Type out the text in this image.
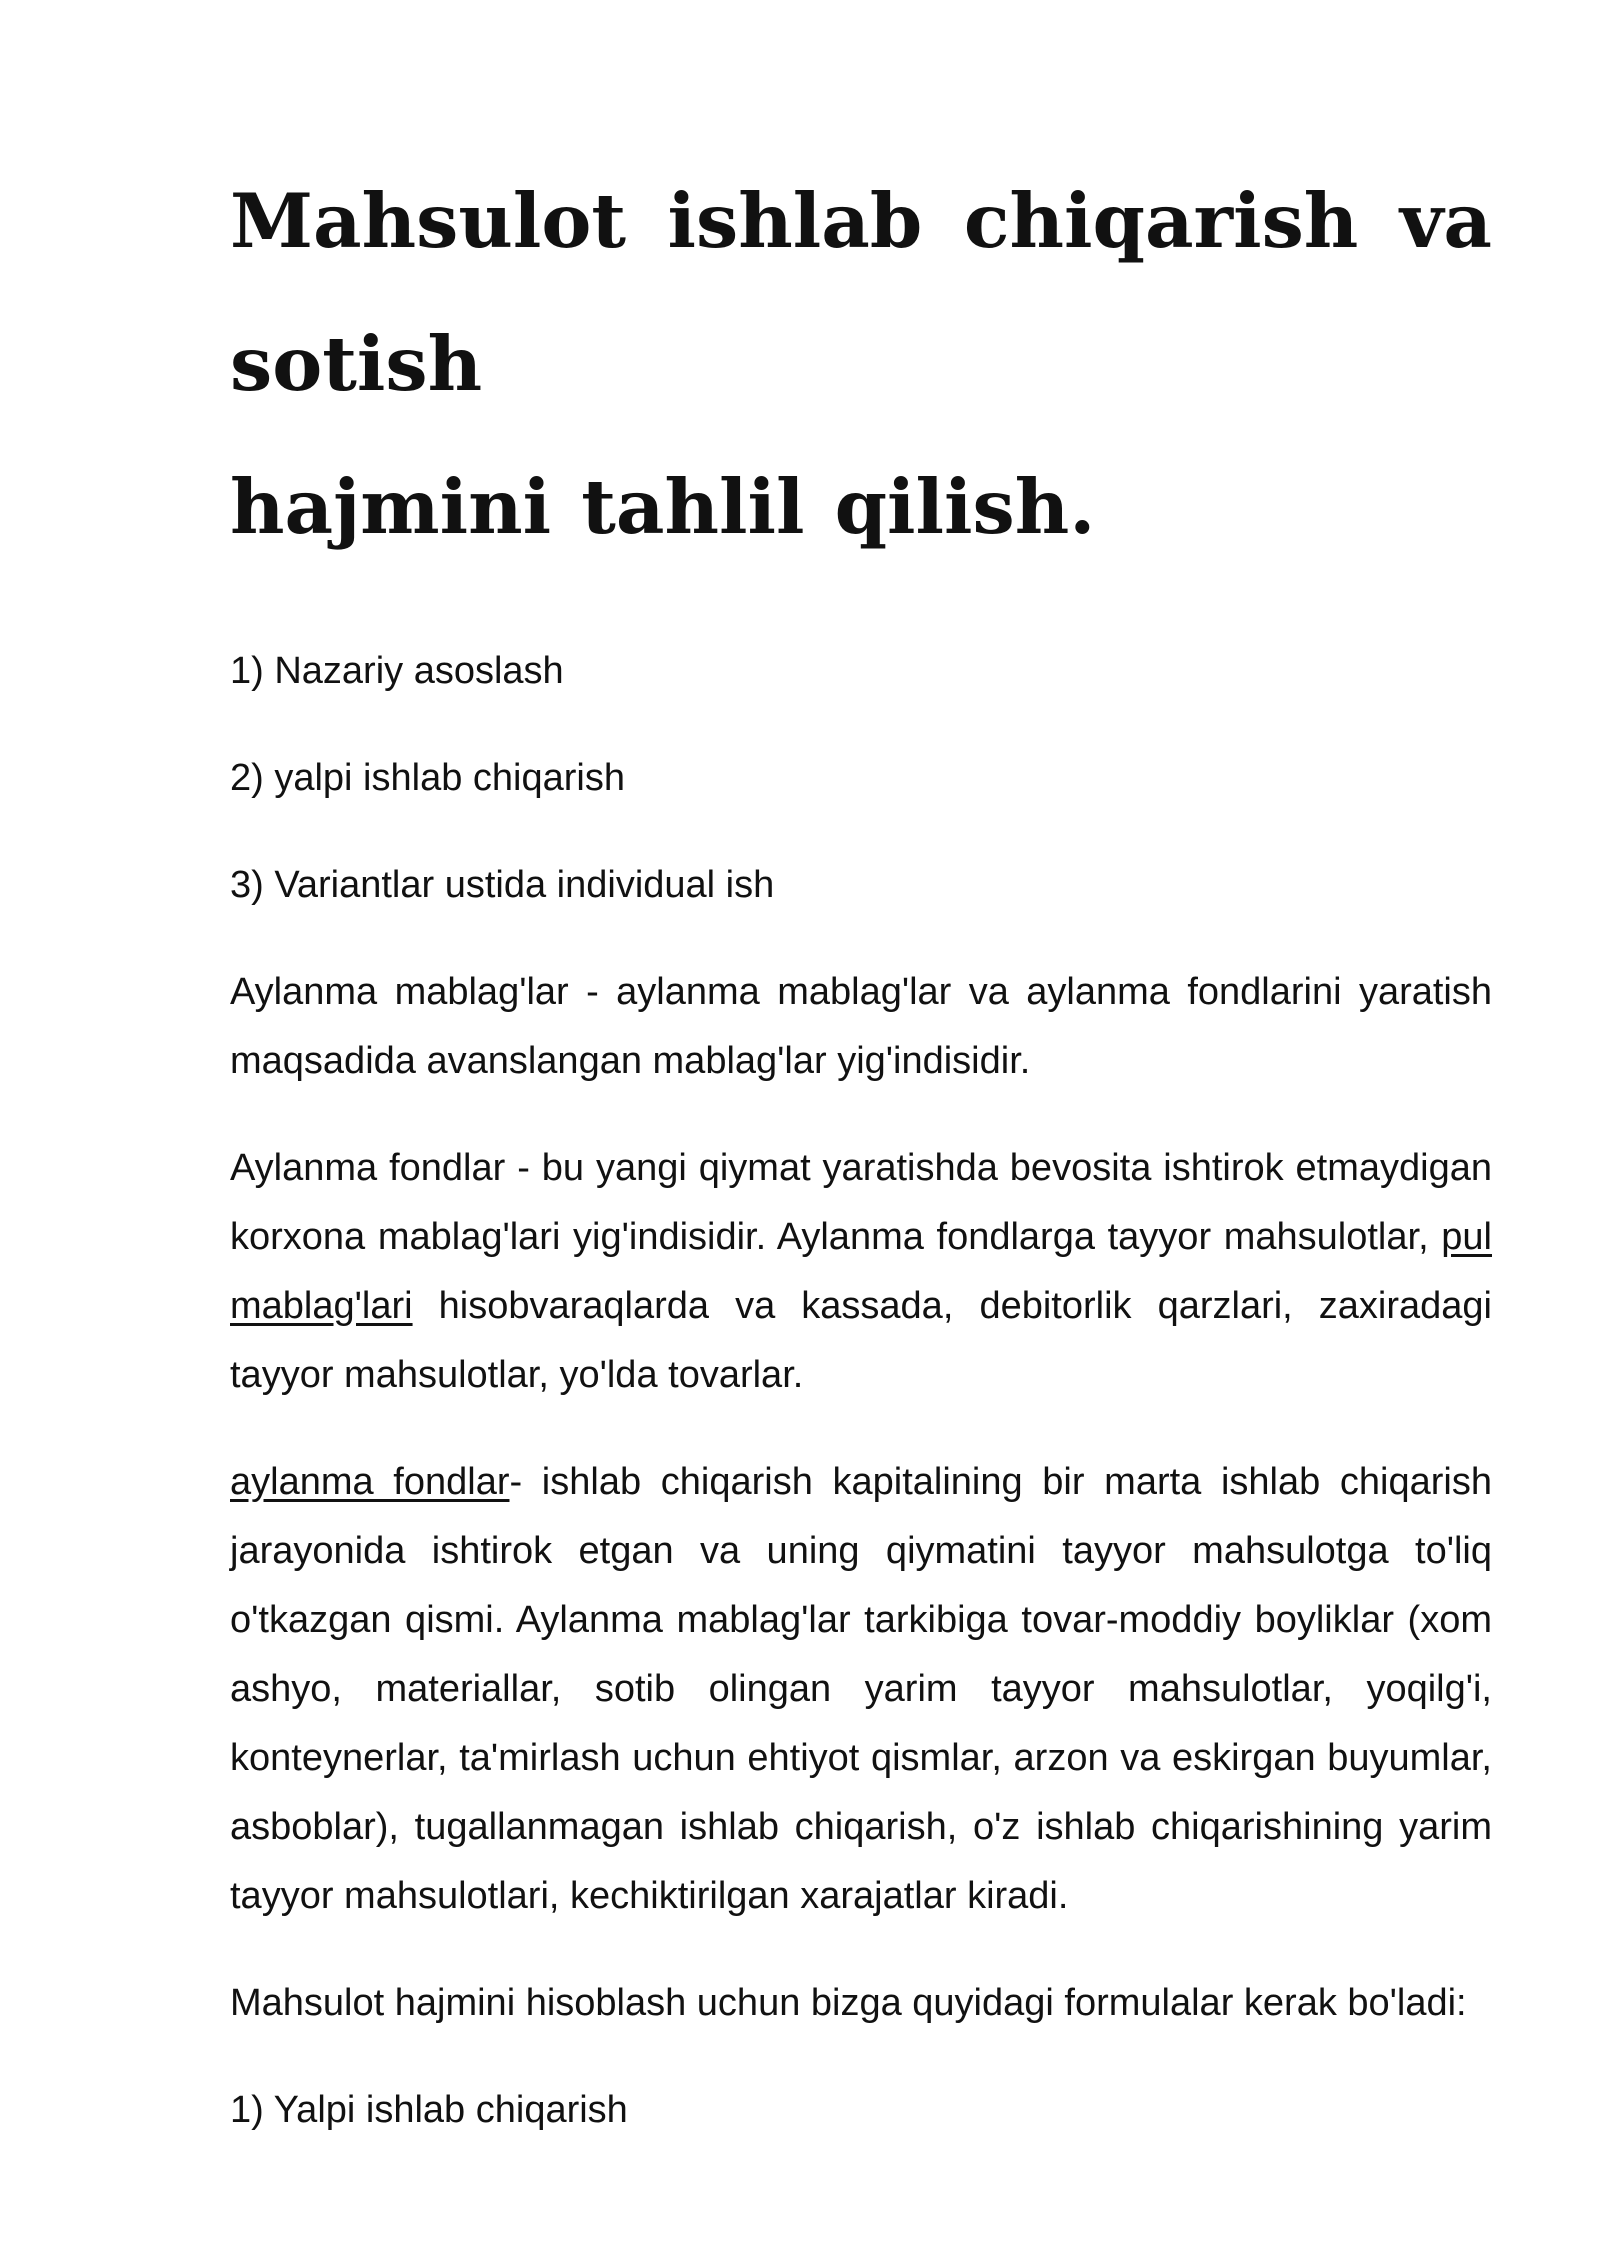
Mahsulot ishlab chiqarish va sotish
hajmini tahlil qilish.

1) Nazariy asoslash

2) yalpi ishlab chiqarish

3) Variantlar ustida individual ish

Aylanma mablag'lar - aylanma mablag'lar va aylanma fondlarini yaratish maqsadida avanslangan mablag'lar yig'indisidir.

Aylanma fondlar - bu yangi qiymat yaratishda bevosita ishtirok etmaydigan korxona mablag'lari yig'indisidir. Aylanma fondlarga tayyor mahsulotlar, pul mablag'lari hisobvaraqlarda va kassada, debitorlik qarzlari, zaxiradagi tayyor mahsulotlar, yo'lda tovarlar.

aylanma fondlar- ishlab chiqarish kapitalining bir marta ishlab chiqarish jarayonida ishtirok etgan va uning qiymatini tayyor mahsulotga to'liq o'tkazgan qismi. Aylanma mablag'lar tarkibiga tovar-moddiy boyliklar (xom ashyo, materiallar, sotib olingan yarim tayyor mahsulotlar, yoqilg'i, konteynerlar, ta'mirlash uchun ehtiyot qismlar, arzon va eskirgan buyumlar, asboblar), tugallanmagan ishlab chiqarish, o'z ishlab chiqarishining yarim tayyor mahsulotlari, kechiktirilgan xarajatlar kiradi.

Mahsulot hajmini hisoblash uchun bizga quyidagi formulalar kerak bo'ladi:

1) Yalpi ishlab chiqarish
